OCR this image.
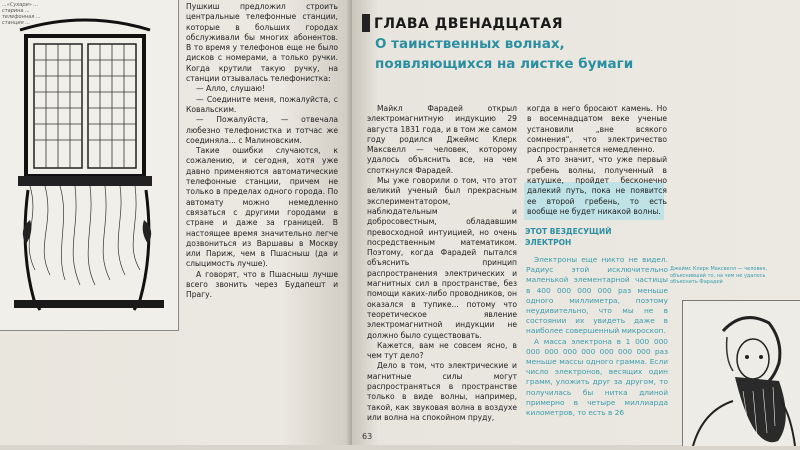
...«Сухари» ... старина ... телефонная ... станция ...

Пушкиш предложил строить центральные телефонные станции, которые в больших городах обслуживали бы многих абонентов. В то время у телефонов еще не было дисков с номерами, а только ручки. Когда крутили такую ручку, на станции отзывалась телефонистка:

— Алло, слушаю!

— Соедините меня, пожалуйста, с Ковальским.

— Пожалуйста, — отвечала любезно телефонистка и тотчас же соединяла... с Малиновским.

Такие ошибки случаются, к сожалению, и сегодня, хотя уже давно применяются автоматические телефонные станции, причем не только в пределах одного города. По автомату можно немедленно связаться с другими городами в стране и даже за границей. В настоящее время значительно легче дозвониться из Варшавы в Москву или Париж, чем в Пшасныш (да и слыцимость лучше).

А говорят, что в Пшасныш лучше всего звонить через Будапешт и Прагу.

ГЛАВА ДВЕНАДЦАТАЯ
О таинственных волнах,
появляющихся на листке бумаги

Майкл Фарадей открыл электромагнитную индукцию 29 августа 1831 года, и в том же самом году родился Джеймс Клерк Максвелл — человек, которому удалось объяснить все, на чем споткнулся Фарадей.

Мы уже говорили о том, что этот великий ученый был прекрасным экспериментатором, наблюдательным и добросовестным, обладавшим превосходной интуицией, но очень посредственным математиком. Поэтому, когда Фарадей пытался объяснить принцип распространения электрических и магнитных сил в пространстве, без помощи каких-либо проводников, он оказался в тупике... потому что теоретическое явление электромагнитной индукции не должно было существовать.

Кажется, вам не совсем ясно, в чем тут дело?

Дело в том, что электрические и магнитные силы могут распространяться в пространстве только в виде волны, например, такой, как звуковая волна в воздухе или волна на спокойном пруду,

когда в него бросают камень. Но в восемнадцатом веке ученые установили „вне всякого сомнения“, что электричество распространяется немедленно.

А это значит, что уже первый гребень волны, полученный в катушке, пройдет бесконечно далекий путь, пока не появится ее второй гребень, то есть вообще не будет никакой волны.

ЭТОТ ВЕЗДЕСУЩИЙ
ЭЛЕКТРОН

Электроны еще никто не видел. Радиус этой исключительно маленькой элементарной частицы в 400 000 000 000 раз меньше одного миллиметра, поэтому неудивительно, что мы не в состоянии их увидеть даже в наиболее совершенный микроскоп.

А масса электрона в 1 000 000 000 000 000 000 000 000 000 раз меньше массы одного грамма. Если число электронов, весящих один грамм, уложить друг за другом, то получилась бы нитка длиной примерно в четыре миллиарда километров, то есть в 26

Джеймс Клерк Максвелл — человек, объяснивший то, на чем не удалось объяснить Фарадей
63
